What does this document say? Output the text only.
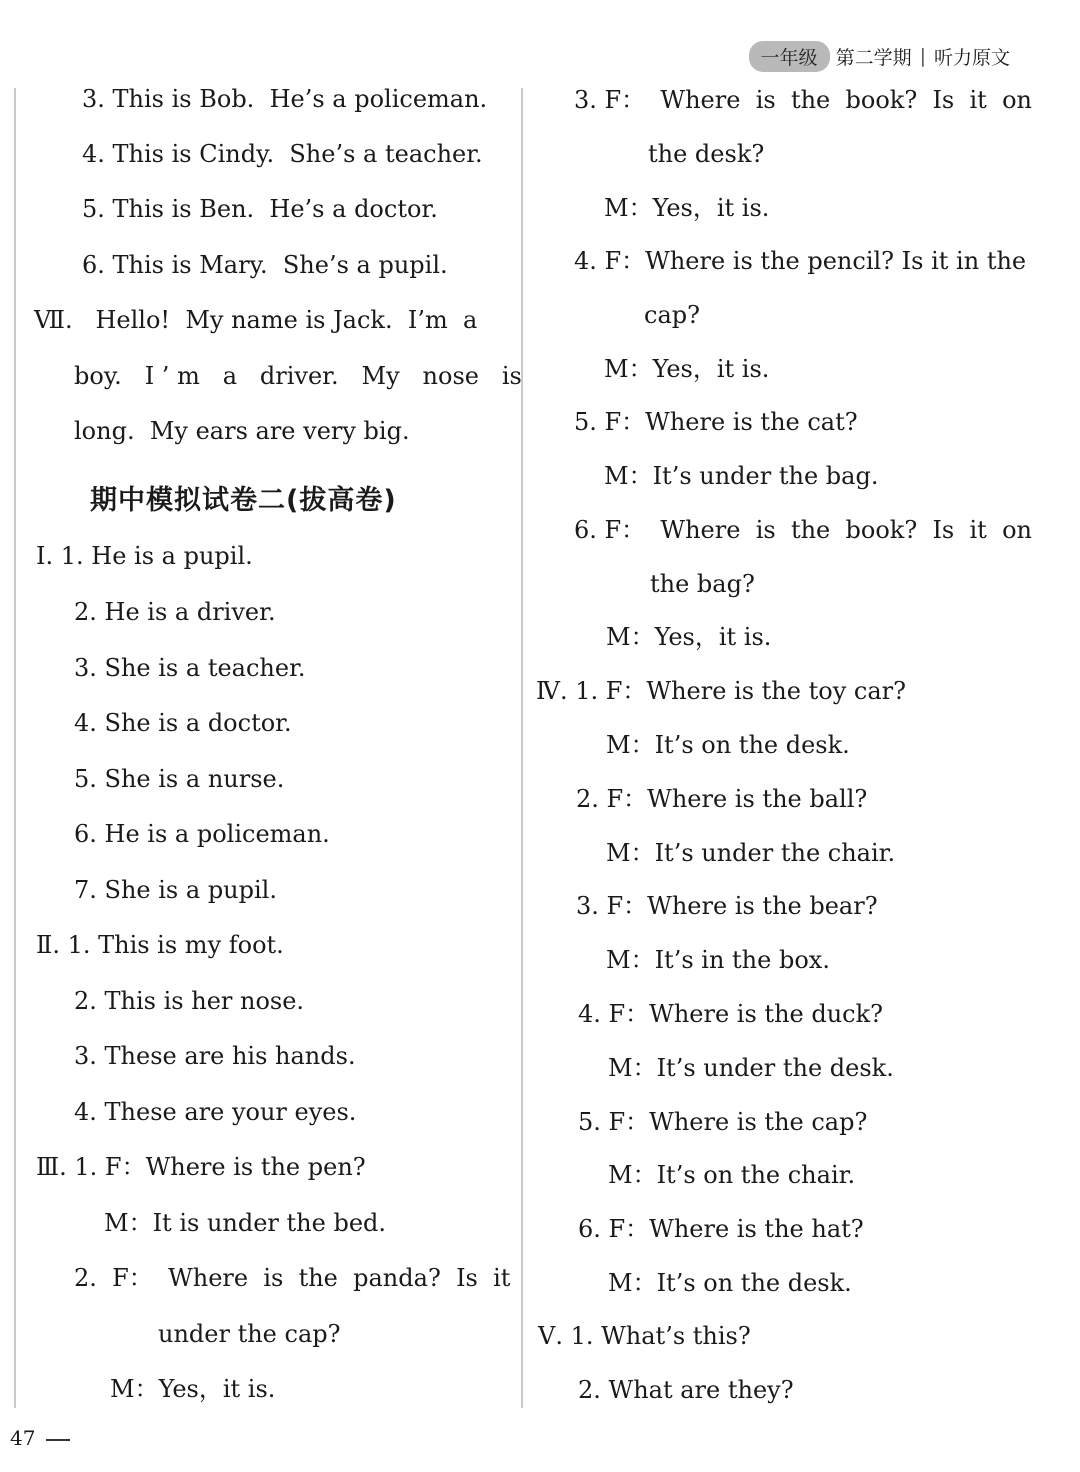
一年级 第二学期 | 听力原文
3. This is Bob.  He’s a policeman.
4. This is Cindy.  She’s a teacher.
5. This is Ben.  He’s a doctor.
6. This is Mary.  She’s a pupil.
Ⅶ.   Hello!  My name is Jack.  I’m  a
boy.   I ’ m   a   driver.   My   nose   is
long.  My ears are very big.
期中模拟试卷二(拔高卷)
Ⅰ. 1. He is a pupil.
2. He is a driver.
3. She is a teacher.
4. She is a doctor.
5. She is a nurse.
6. He is a policeman.
7. She is a pupil.
Ⅱ. 1. This is my foot.
2. This is her nose.
3. These are his hands.
4. These are your eyes.
Ⅲ. 1. F：Where is the pen?
M：It is under the bed.
2.  F：  Where  is  the  panda?  Is  it
under the cap?
M：Yes，it is.
3. F：  Where  is  the  book?  Is  it  on
the desk?
M：Yes，it is.
4. F：Where is the pencil? Is it in the
cap?
M：Yes，it is.
5. F：Where is the cat?
M：It’s under the bag.
6. F：  Where  is  the  book?  Is  it  on
the bag?
M：Yes，it is.
Ⅳ. 1. F：Where is the toy car?
M：It’s on the desk.
2. F：Where is the ball?
M：It’s under the chair.
3. F：Where is the bear?
M：It’s in the box.
4. F：Where is the duck?
M：It’s under the desk.
5. F：Where is the cap?
M：It’s on the chair.
6. F：Where is the hat?
M：It’s on the desk.
Ⅴ. 1. What’s this?
2. What are they?
47
